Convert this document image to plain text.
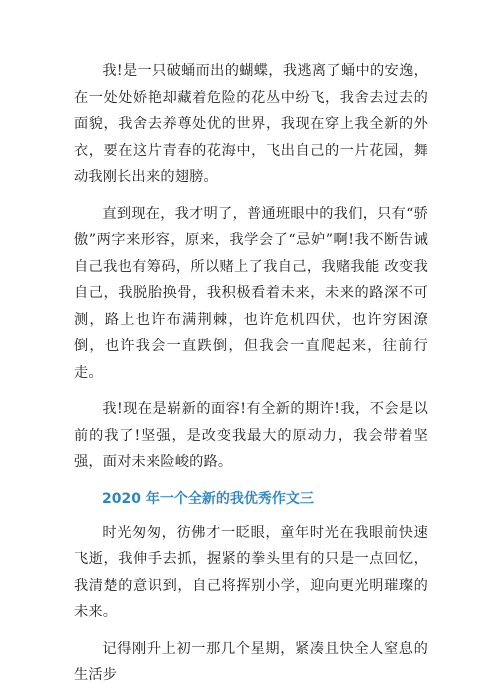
我!是一只破蛹而出的蝴蝶，我逃离了蛹中的安逸，在一处处娇艳却藏着危险的花丛中纷飞，我舍去过去的面貌，我舍去养尊处优的世界，我现在穿上我全新的外衣，要在这片青春的花海中，飞出自己的一片花园，舞动我刚长出来的翅膀。

直到现在，我才明了，普通班眼中的我们，只有“骄傲”两字来形容，原来，我学会了“忌妒”啊!我不断告诫自己我也有筹码，所以赌上了我自己，我赌我能 改变我自己，我脱胎换骨，我积极看着未来，未来的路深不可测，路上也许布满荆棘，也许危机四伏，也许穷困潦倒，也许我会一直跌倒，但我会一直爬起来，往前行走。

我!现在是崭新的面容!有全新的期许!我，不会是以前的我了!坚强，是改变我最大的原动力，我会带着坚强，面对未来险峻的路。

2020 年一个全新的我优秀作文三

时光匆匆，彷佛才一眨眼，童年时光在我眼前快速飞逝，我伸手去抓，握紧的拳头里有的只是一点回忆，我清楚的意识到，自己将挥别小学，迎向更光明璀璨的未来。

记得刚升上初一那几个星期，紧凑且快全人窒息的生活步
